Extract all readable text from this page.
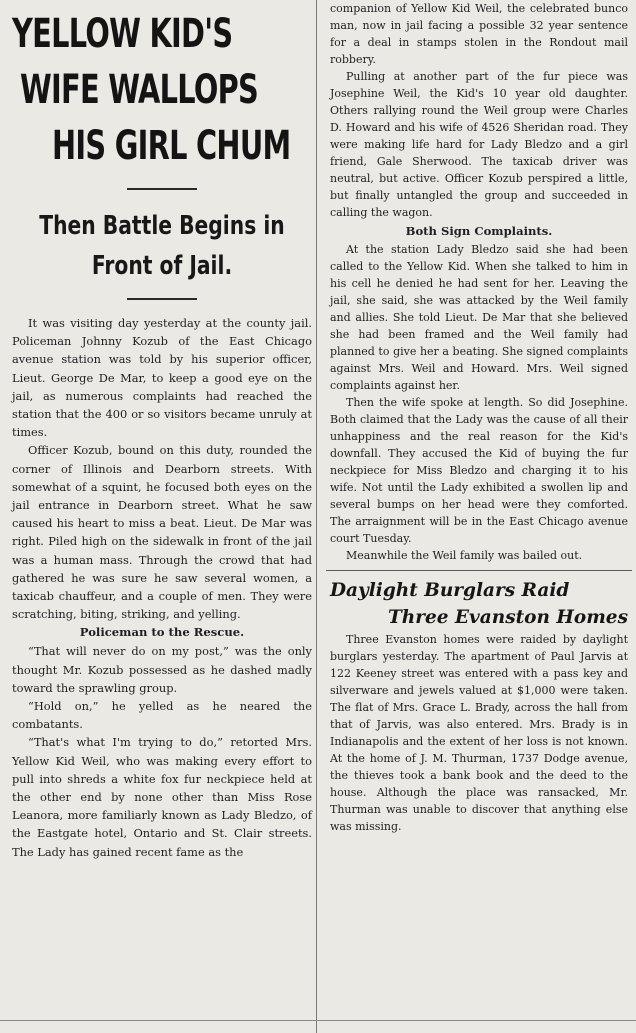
YELLOW KID'S
WIFE WALLOPS
HIS GIRL CHUM
Then Battle Begins in
Front of Jail.

It was visiting day yesterday at the county jail. Policeman Johnny Kozub of the East Chicago avenue station was told by his superior officer, Lieut. George De Mar, to keep a good eye on the jail, as numerous complaints had reached the station that the 400 or so visitors became unruly at times.

Officer Kozub, bound on this duty, rounded the corner of Illinois and Dearborn streets. With somewhat of a squint, he focused both eyes on the jail entrance in Dearborn street. What he saw caused his heart to miss a beat. Lieut. De Mar was right. Piled high on the sidewalk in front of the jail was a human mass. Through the crowd that had gathered he was sure he saw several women, a taxicab chauffeur, and a couple of men. They were scratching, biting, striking, and yelling.

Policeman to the Rescue.

“That will never do on my post,” was the only thought Mr. Kozub possessed as he dashed madly toward the sprawling group.

“Hold on,” he yelled as he neared the combatants.

“That's what I'm trying to do,” retorted Mrs. Yellow Kid Weil, who was making every effort to pull into shreds a white fox fur neckpiece held at the other end by none other than Miss Rose Leanora, more familiarly known as Lady Bledzo, of the Eastgate hotel, Ontario and St. Clair streets. The Lady has gained recent fame as the

companion of Yellow Kid Weil, the celebrated bunco man, now in jail facing a possible 32 year sentence for a deal in stamps stolen in the Rondout mail robbery.

Pulling at another part of the fur piece was Josephine Weil, the Kid's 10 year old daughter. Others rallying round the Weil group were Charles D. Howard and his wife of 4526 Sheridan road. They were making life hard for Lady Bledzo and a girl friend, Gale Sherwood. The taxicab driver was neutral, but active. Officer Kozub perspired a little, but finally untangled the group and succeeded in calling the wagon.

Both Sign Complaints.

At the station Lady Bledzo said she had been called to the Yellow Kid. When she talked to him in his cell he denied he had sent for her. Leaving the jail, she said, she was attacked by the Weil family and allies. She told Lieut. De Mar that she believed she had been framed and the Weil family had planned to give her a beating. She signed complaints against Mrs. Weil and Howard. Mrs. Weil signed complaints against her.

Then the wife spoke at length. So did Josephine. Both claimed that the Lady was the cause of all their unhappiness and the real reason for the Kid's downfall. They accused the Kid of buying the fur neckpiece for Miss Bledzo and charging it to his wife. Not until the Lady exhibited a swollen lip and several bumps on her head were they comforted. The arraignment will be in the East Chicago avenue court Tuesday.

Meanwhile the Weil family was bailed out.

Daylight Burglars Raid
Three Evanston Homes

Three Evanston homes were raided by daylight burglars yesterday. The apartment of Paul Jarvis at 122 Keeney street was entered with a pass key and silverware and jewels valued at $1,000 were taken. The flat of Mrs. Grace L. Brady, across the hall from that of Jarvis, was also entered. Mrs. Brady is in Indianapolis and the extent of her loss is not known. At the home of J. M. Thurman, 1737 Dodge avenue, the thieves took a bank book and the deed to the house. Although the place was ransacked, Mr. Thurman was unable to discover that anything else was missing.
